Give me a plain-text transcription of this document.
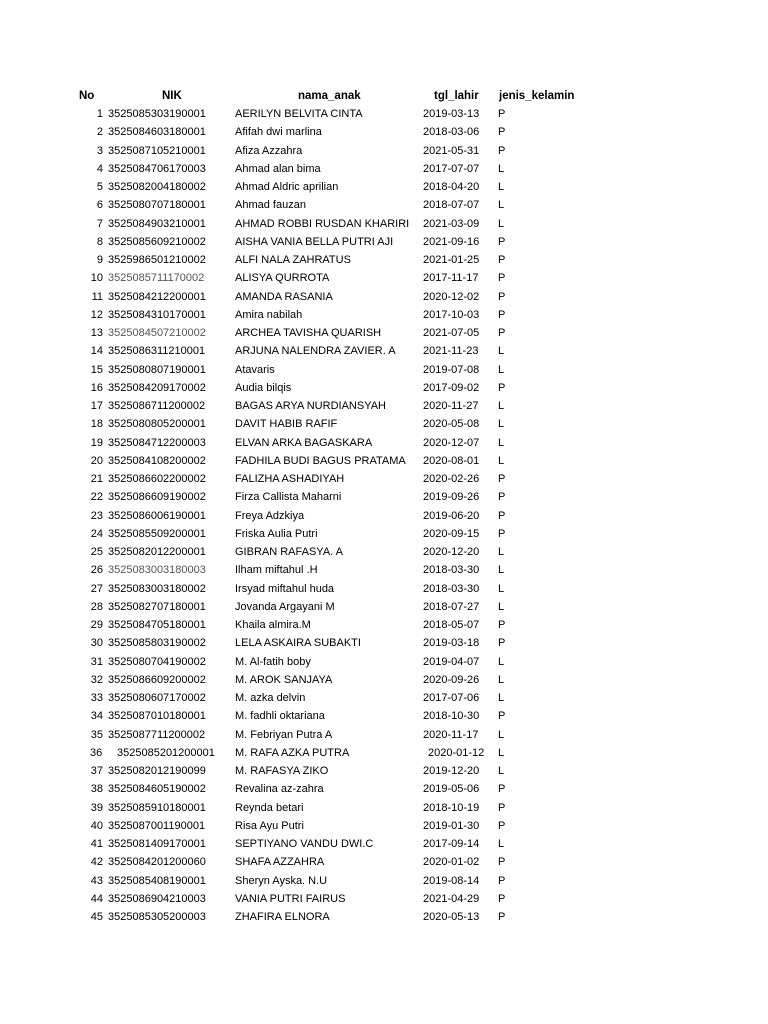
No	NIK	nama_anak	tgl_lahir jenis_kelamin
1 3525085303190001	AERILYN BELVITA CINTA	2019-03-13 P
2 3525084603180001	Afifah dwi marlina	2018-03-06 P
3 3525087105210001	Afiza Azzahra	2021-05-31 P
4 3525084706170003	Ahmad alan bima	2017-07-07 L
5 3525082004180002	Ahmad Aldric aprilian	2018-04-20 L
6 3525080707180001	Ahmad fauzan	2018-07-07 L
7 3525084903210001	AHMAD ROBBI RUSDAN KHARIRI 2021-03-09 L
8 3525085609210002	AISHA VANIA BELLA PUTRI AJI	2021-09-16 P
9 3525986501210002	ALFI NALA ZAHRATUS	2021-01-25 P
10 3525085711170002	ALISYA QURROTA	2017-11-17 P
11 3525084212200001	AMANDA RASANIA	2020-12-02 P
12 3525084310170001	Amira nabilah	2017-10-03 P
13 3525084507210002	ARCHEA TAVISHA QUARISH	2021-07-05 P
14 3525086311210001	ARJUNA NALENDRA ZAVIER. A 2021-11-23 L
15 3525080807190001	Atavaris	2019-07-08 L
16 3525084209170002	Audia bilqis	2017-09-02 P
17 3525086711200002	BAGAS ARYA NURDIANSYAH	2020-11-27 L
18 3525080805200001	DAVIT HABIB RAFIF	2020-05-08 L
19 3525084712200003	ELVAN ARKA BAGASKARA	2020-12-07 L
20 3525084108200002	FADHILA BUDI BAGUS PRATAMA 2020-08-01 L
21 3525086602200002	FALIZHA ASHADIYAH	2020-02-26 P
22 3525086609190002	Firza Callista Maharni	2019-09-26 P
23 3525086006190001	Freya Adzkiya	2019-06-20 P
24 3525085509200001	Friska Aulia Putri	2020-09-15 P
25 3525082012200001	GIBRAN RAFASYA. A	2020-12-20 L
26 3525083003180003	Ilham miftahul .H	2018-03-30 L
27 3525083003180002	Irsyad miftahul huda	2018-03-30 L
28 3525082707180001	Jovanda Argayani M	2018-07-27 L
29 3525084705180001	Khaila almira.M	2018-05-07 P
30 3525085803190002	LELA ASKAIRA SUBAKTI	2019-03-18 P
31 3525080704190002	M. Al-fatih boby	2019-04-07 L
32 3525086609200002	M. AROK SANJAYA	2020-09-26 L
33 3525080607170002	M. azka delvin	2017-07-06 L
34 3525087010180001	M. fadhli oktariana	2018-10-30 P
35 3525087711200002	M. Febriyan Putra A	2020-11-17 L
36 3525085201200001 M. RAFA AZKA PUTRA	2020-01-12 L
37 3525082012190099	M. RAFASYA ZIKO	2019-12-20 L
38 3525084605190002	Revalina az-zahra	2019-05-06 P
39 3525085910180001	Reynda betari	2018-10-19 P
40 3525087001190001	Risa Ayu Putri	2019-01-30 P
41 3525081409170001	SEPTIYANO VANDU DWI.C	2017-09-14 L
42 3525084201200060	SHAFA AZZAHRA	2020-01-02 P
43 3525085408190001	Sheryn Ayska. N.U	2019-08-14 P
44 3525086904210003	VANIA PUTRI FAIRUS	2021-04-29 P
45 3525085305200003	ZHAFIRA ELNORA	2020-05-13 P
